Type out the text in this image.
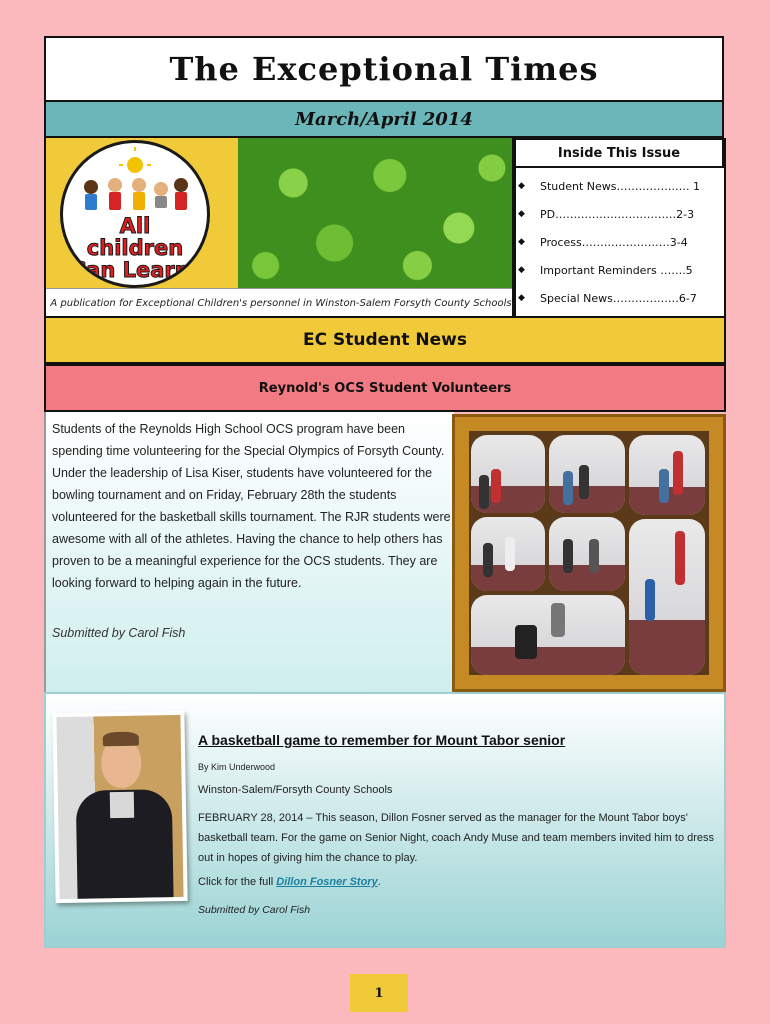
The Exceptional Times
March/April 2014
All children Can Learn!
A publication for Exceptional Children's personnel in Winston-Salem Forsyth County Schools
Inside This Issue
◆	Student News…………….…. 1
◆	PD……………………………2-3
◆	Process……………………3-4
◆	Important Reminders …….5
◆	Special News………………6-7
EC Student News
Reynold's OCS Student Volunteers

Students of the Reynolds High School OCS program have been spending time volunteering for the Special Olympics of Forsyth County. Under the leadership of Lisa Kiser, students have volunteered for the bowling tournament and on Friday, February 28th the students volunteered for the basketball skills tournament. The RJR students were awesome with all of the athletes. Having the chance to help others has proven to be a meaningful experience for the OCS students. They are looking forward to helping again in the future.

Submitted by Carol Fish

A basketball game to remember for Mount Tabor senior

By Kim Underwood

Winston-Salem/Forsyth County Schools

FEBRUARY 28, 2014 – This season, Dillon Fosner served as the manager for the Mount Tabor boys' basketball team. For the game on Senior Night, coach Andy Muse and team members invited him to dress out in hopes of giving him the chance to play.

Click for the full Dillon Fosner Story.

Submitted by Carol Fish

1
